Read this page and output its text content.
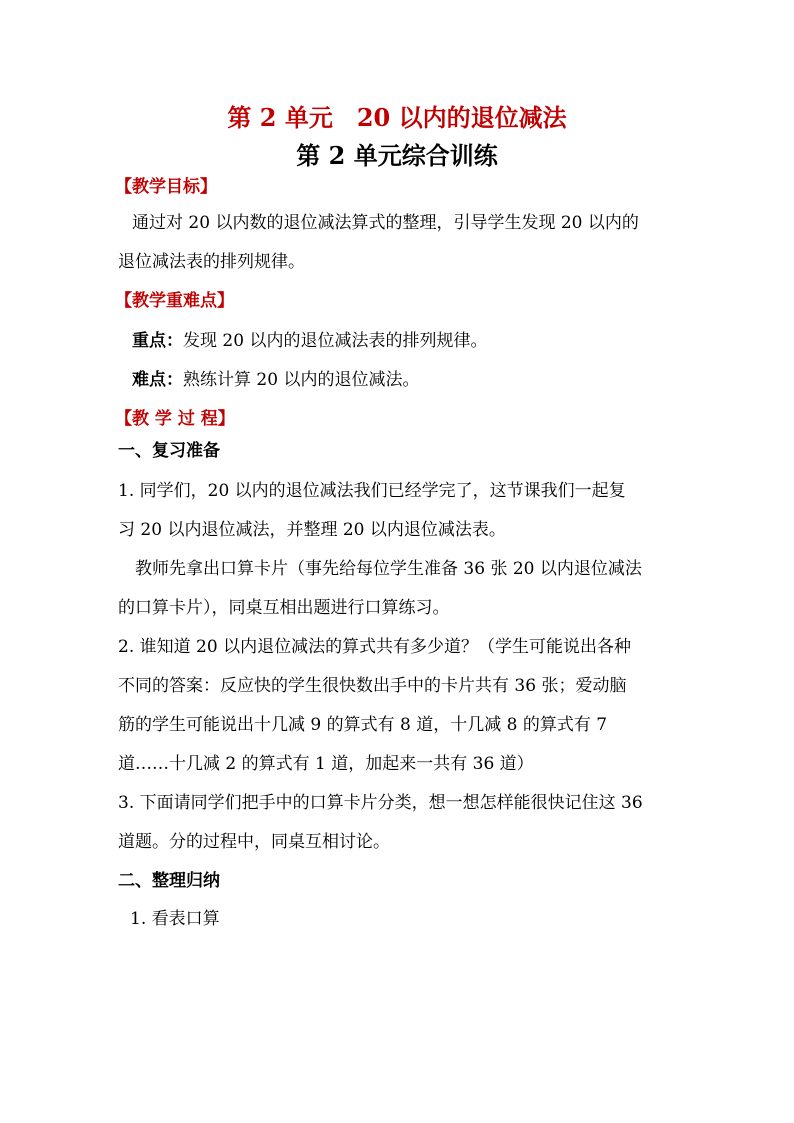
第 2 单元　20 以内的退位减法
第 2 单元综合训练
【教学目标】
通过对 20 以内数的退位减法算式的整理，引导学生发现 20 以内的
退位减法表的排列规律。
【教学重难点】
重点：发现 20 以内的退位减法表的排列规律。
难点：熟练计算 20 以内的退位减法。
【教 学 过 程】
一、复习准备
1. 同学们，20 以内的退位减法我们已经学完了，这节课我们一起复
习 20 以内退位减法，并整理 20 以内退位减法表。
　教师先拿出口算卡片（事先给每位学生准备 36 张 20 以内退位减法
的口算卡片），同桌互相出题进行口算练习。
2. 谁知道 20 以内退位减法的算式共有多少道？（学生可能说出各种
不同的答案：反应快的学生很快数出手中的卡片共有 36 张；爱动脑
筋的学生可能说出十几减 9 的算式有 8 道，十几减 8 的算式有 7
道……十几减 2 的算式有 1 道，加起来一共有 36 道）
3. 下面请同学们把手中的口算卡片分类，想一想怎样能很快记住这 36
道题。分的过程中，同桌互相讨论。
二、整理归纳
1. 看表口算
